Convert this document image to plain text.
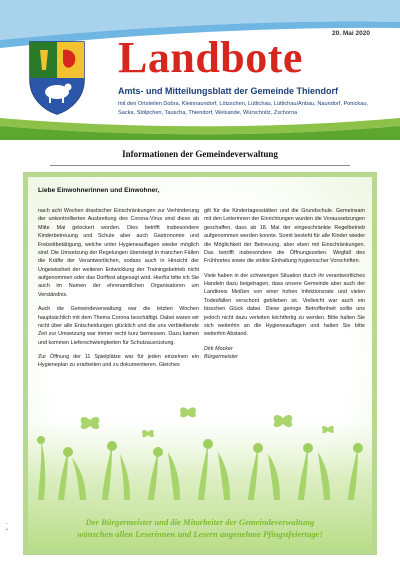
20. Mai 2020
Landbote
Amts- und Mitteilungsblatt der Gemeinde Thiendorf
mit den Ortsteilen Dobra, Kleinnaundorf, Lötzschen, Lüttichau, Lüttichau/Anbau, Naundorf, Ponickau, Sacka, Stölpchen, Tauscha, Thiendorf, Welxande, Würschnitz, Zschorna
Informationen der Gemeindeverwaltung
Liebe Einwohnerinnen und Einwohner,

nach acht Wochen drastischer Einschränkungen zur Verhinderung der unkontrollierten Ausbreitung des Corona-Virus sind diese ab Mitte Mai gelockert worden. Dies betrifft insbesondere Kinderbetreuung und Schule aber auch Gastronomie und Freizeitbetätigung, welche unter Hygieneauflagen wieder möglich sind. Die Umsetzung der Regelungen übersteigt in manchen Fällen die Kräfte der Verantwortlichen, sodass auch in Hinsicht der Ungewissheit der weiteren Entwicklung der Trainingsbetrieb nicht aufgenommen oder das Dorffest abgesagt wird. Hierfür bitte ich Sie auch im Namen der ehrenamtlichen Organisatoren um Verständnis.

Auch die Gemeindeverwaltung war die letzten Wochen hauptsächlich mit dem Thema Corona beschäftigt. Dabei waren wir nicht über alle Entscheidungen glücklich und die uns verbleibende Zeit zur Umsetzung war immer recht kurz bemessen. Dazu kamen und kommen Lieferschwierigkeiten für Schutzausrüstung.

Zur Öffnung der 11 Spielplätze war für jeden einzelnen ein Hygieneplan zu erarbeiten und zu dokumentieren. Gleiches

gilt für die Kindertagesstätten und die Grundschule. Gemeinsam mit den Leiterinnen der Einrichtungen wurden die Voraussetzungen geschaffen, dass ab 18. Mai der eingeschränkte Regelbetrieb aufgenommen werden konnte. Somit besteht für alle Kinder wieder die Möglichkeit der Betreuung, aber eben mit Einschränkungen. Das betrifft insbesondere die Öffnungszeiten. Wegfall des Frühhortes sowie die strikte Einhaltung hygienischer Vorschriften.

Viele haben in der schwierigen Situation durch ihr verantwortliches Handeln dazu beigetragen, dass unsere Gemeinde aber auch der Landkreis Meißen von einer hohen Infektionsrate und vielen Todesfällen verschont geblieben ist. Vielleicht war auch ein bisschen Glück dabei. Diese geringe Betroffenheit sollte uns jedoch nicht dazu verleiten leichtfertig zu werden. Bitte halten Sie sich weiterhin an die Hygieneauflagen und halten Sie bitte weiterhin Abstand.

Dirk Mocker
Bürgermeister

Der Bürgermeister und die Mitarbeiter der Gemeindeverwaltung
wünschen allen Leserinnen und Lesern angenehme Pfingstfeiertage!
-
•
